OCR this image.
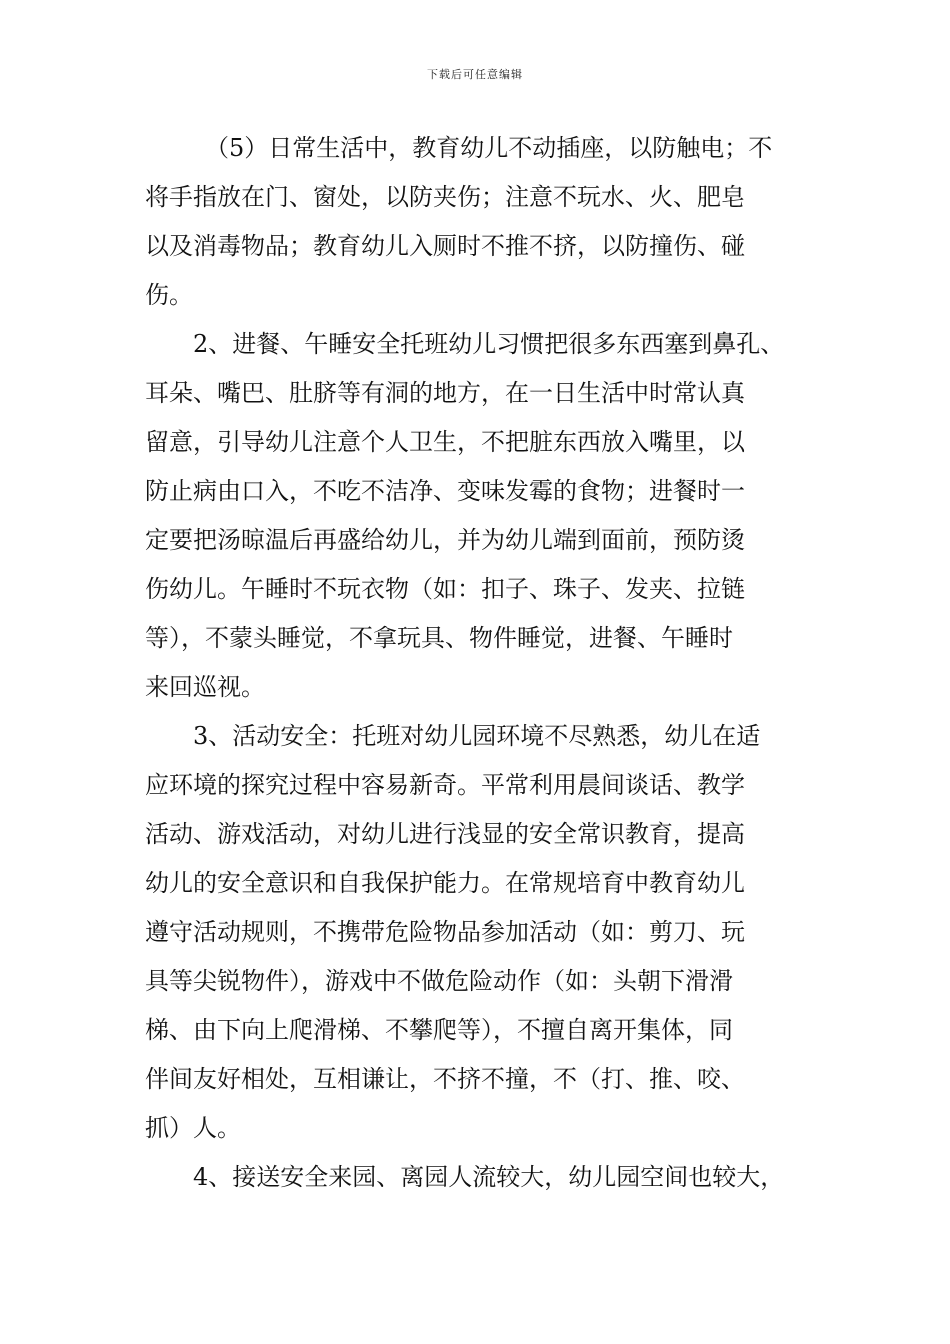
下载后可任意编辑
（5）日常生活中，教育幼儿不动插座，以防触电；不
将手指放在门、窗处，以防夹伤；注意不玩水、火、肥皂
以及消毒物品；教育幼儿入厕时不推不挤，以防撞伤、碰
伤。
2、进餐、午睡安全托班幼儿习惯把很多东西塞到鼻孔、
耳朵、嘴巴、肚脐等有洞的地方，在一日生活中时常认真
留意，引导幼儿注意个人卫生，不把脏东西放入嘴里，以
防止病由口入，不吃不洁净、变味发霉的食物；进餐时一
定要把汤晾温后再盛给幼儿，并为幼儿端到面前，预防烫
伤幼儿。午睡时不玩衣物（如：扣子、珠子、发夹、拉链
等），不蒙头睡觉，不拿玩具、物件睡觉，进餐、午睡时
来回巡视。
3、活动安全：托班对幼儿园环境不尽熟悉，幼儿在适
应环境的探究过程中容易新奇。平常利用晨间谈话、教学
活动、游戏活动，对幼儿进行浅显的安全常识教育，提高
幼儿的安全意识和自我保护能力。在常规培育中教育幼儿
遵守活动规则，不携带危险物品参加活动（如：剪刀、玩
具等尖锐物件），游戏中不做危险动作（如：头朝下滑滑
梯、由下向上爬滑梯、不攀爬等），不擅自离开集体，同
伴间友好相处，互相谦让，不挤不撞，不（打、推、咬、
抓）人。
4、接送安全来园、离园人流较大，幼儿园空间也较大，
